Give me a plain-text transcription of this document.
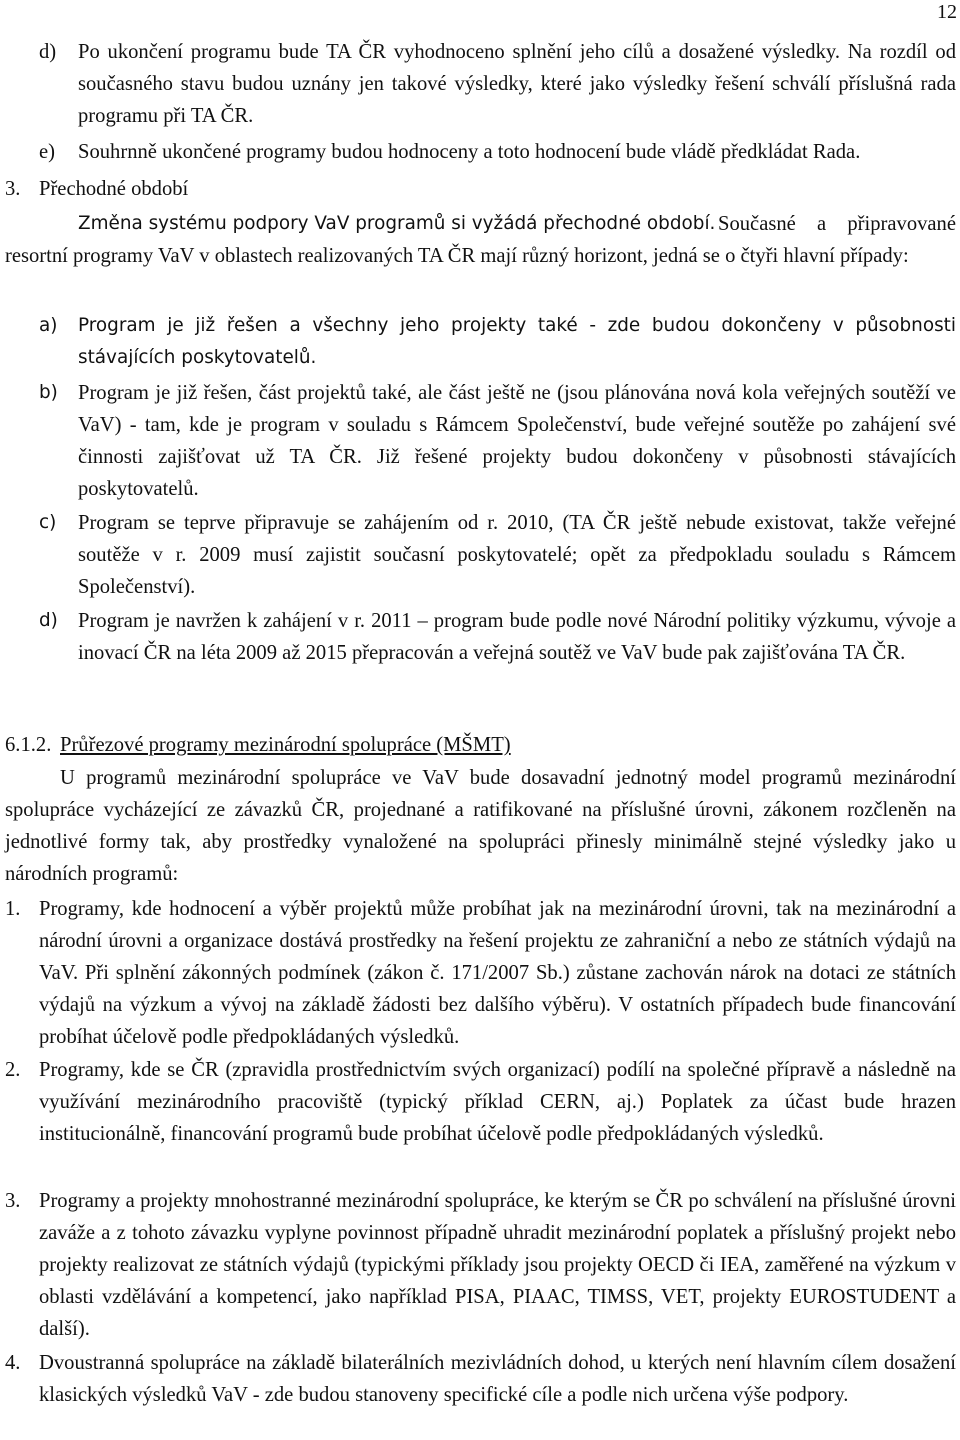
12
d) Po ukončení programu bude TA ČR vyhodnoceno splnění jeho cílů a dosažené výsledky. Na rozdíl od současného stavu budou uznány jen takové výsledky, které jako výsledky řešení schválí příslušná rada programu při TA ČR.

e) Souhrnně ukončené programy budou hodnoceny a toto hodnocení bude vládě předkládat Rada.

3. Přechodné období

Změna systému podpory VaV programů si vyžádá přechodné období. Současné a připravované resortní programy VaV v oblastech realizovaných TA ČR mají různý horizont, jedná se o čtyři hlavní případy:

a) Program je již řešen a všechny jeho projekty také - zde budou dokončeny v působnosti stávajících poskytovatelů.

b) Program je již řešen, část projektů také, ale část ještě ne (jsou plánována nová kola veřejných soutěží ve VaV) - tam, kde je program v souladu s Rámcem Společenství, bude veřejné soutěže po zahájení své činnosti zajišťovat už TA ČR. Již řešené projekty budou dokončeny v působnosti stávajících poskytovatelů.

c) Program se teprve připravuje se zahájením od r. 2010, (TA ČR ještě nebude existovat, takže veřejné soutěže v r. 2009 musí zajistit současní poskytovatelé; opět za předpokladu souladu s Rámcem Společenství).

d) Program je navržen k zahájení v r. 2011 – program bude podle nové Národní politiky výzkumu, vývoje a inovací ČR na léta 2009 až 2015 přepracován a veřejná soutěž ve VaV bude pak zajišťována TA ČR.

6.1.2. Průřezové programy mezinárodní spolupráce (MŠMT)

U programů mezinárodní spolupráce ve VaV bude dosavadní jednotný model programů mezinárodní spolupráce vycházející ze závazků ČR, projednané a ratifikované na příslušné úrovni, zákonem rozčleněn na jednotlivé formy tak, aby prostředky vynaložené na spolupráci přinesly minimálně stejné výsledky jako u národních programů:

1. Programy, kde hodnocení a výběr projektů může probíhat jak na mezinárodní úrovni, tak na mezinárodní a národní úrovni a organizace dostává prostředky na řešení projektu ze zahraniční a nebo ze státních výdajů na VaV. Při splnění zákonných podmínek (zákon č. 171/2007 Sb.) zůstane zachován nárok na dotaci ze státních výdajů na výzkum a vývoj na základě žádosti bez dalšího výběru). V ostatních případech bude financování probíhat účelově podle předpokládaných výsledků.

2. Programy, kde se ČR (zpravidla prostřednictvím svých organizací) podílí na společné přípravě a následně na využívání mezinárodního pracoviště (typický příklad CERN, aj.) Poplatek za účast bude hrazen institucionálně, financování programů bude probíhat účelově podle předpokládaných výsledků.

3. Programy a projekty mnohostranné mezinárodní spolupráce, ke kterým se ČR po schválení na příslušné úrovni zaváže a z tohoto závazku vyplyne povinnost případně uhradit mezinárodní poplatek a příslušný projekt nebo projekty realizovat ze státních výdajů (typickými příklady jsou projekty OECD či IEA, zaměřené na výzkum v oblasti vzdělávání a kompetencí, jako například PISA, PIAAC, TIMSS, VET, projekty EUROSTUDENT a další).

4. Dvoustranná spolupráce na základě bilaterálních mezivládních dohod, u kterých není hlavním cílem dosažení klasických výsledků VaV - zde budou stanoveny specifické cíle a podle nich určena výše podpory.
